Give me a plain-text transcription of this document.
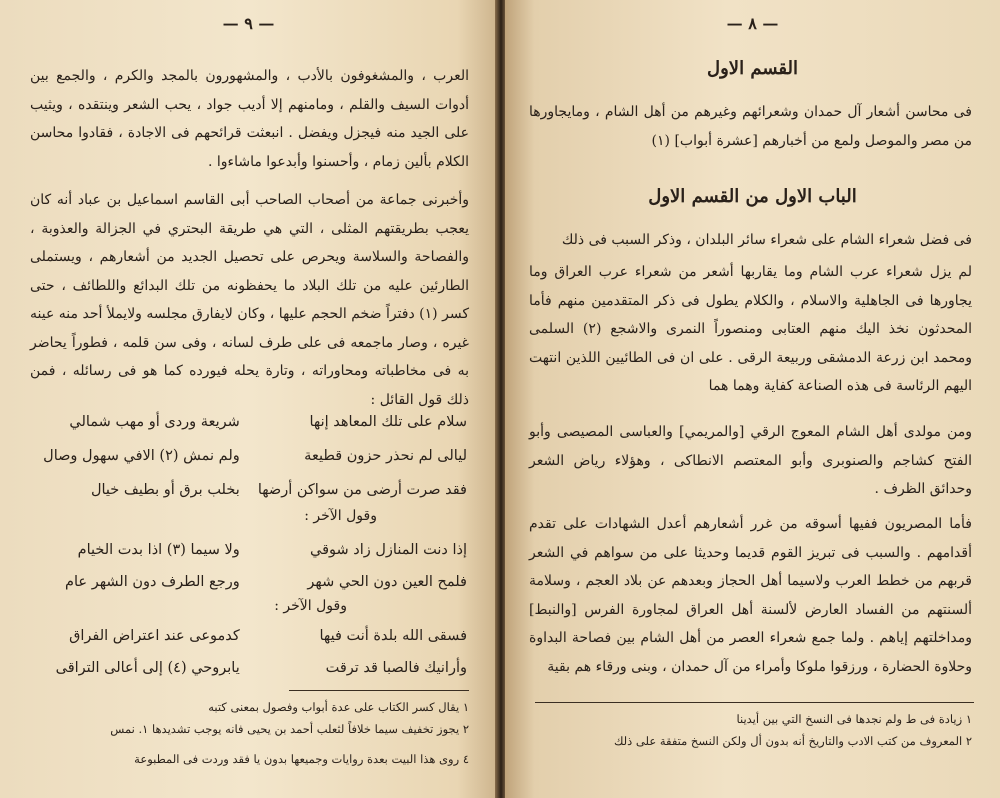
— ٩ —

العرب ، والمشغوفون بالأدب ، والمشهورون بالمجد والكرم ، والجمع بين أدوات السيف والقلم ، ومامنهم إلا أديب جواد ، يحب الشعر وينتقده ، ويثيب على الجيد منه فيجزل ويفضل . انبعثت قرائحهم فى الاجادة ، فقادوا محاسن الكلام بألين زمام ، وأحسنوا وأبدعوا ماشاءوا .

وأخبرنى جماعة من أصحاب الصاحب أبى القاسم اسماعيل بن عباد أنه كان يعجب بطريقتهم المثلى ، التي هي طريقة البحتري في الجزالة والعذوبة ، والفصاحة والسلاسة ويحرص على تحصيل الجديد من أشعارهم ، ويستملى الطارئين عليه من تلك البلاد ما يحفظونه من تلك البدائع واللطائف ، حتى كسر (١) دفتراً ضخم الحجم عليها ، وكان لايفارق مجلسه ولايملأ أحد منه عينه غيره ، وصار ماجمعه فى على طرف لسانه ، وفى سن قلمه ، فطوراً يحاضر به فى مخاطباته ومحاوراته ، وتارة يحله فيورده كما هو فى رسائله ، فمن ذلك قول القائل :

سلام على تلك المعاهد إنها
شريعة وردى أو مهب شمالي
ليالى لم نحذر حزون قطيعة
ولم نمش (٢) الافي سهول وصال
فقد صرت أرضى من سواكن أرضها
بخلب برق أو بطيف خيال
وقول الآخر :
إذا دنت المنازل زاد شوقي
ولا سيما (٣) اذا بدت الخيام
فلمح العين دون الحي شهر
ورجع الطرف دون الشهر عام
وقول الآخر :
فسقى الله بلدة أنت فيها
كدموعى عند اعتراض الفراق
وأرانيك فالصبا قد ترقت
يابروحي (٤) إلى أعالى التراقى
١ يقال كسر الكتاب على عدة أبواب وفصول بمعنى كتبه
٢ يجوز تخفيف سيما خلافاً لثعلب أحمد بن يحيى فانه يوجب تشديدها ١. نمس
٤ روى هذا البيت بعدة روايات وجميعها بدون يا فقد وردت فى المطبوعة
— ٨ —
القسم الاول

فى محاسن أشعار آل حمدان وشعرائهم وغيرهم من أهل الشام ، ومايجاورها من مصر والموصل ولمع من أخبارهم [عشرة أبواب] (١)

الباب الاول من القسم الاول

فى فضل شعراء الشام على شعراء سائر البلدان ، وذكر السبب فى ذلك

لم يزل شعراء عرب الشام وما يقاربها أشعر من شعراء عرب العراق وما يجاورها فى الجاهلية والاسلام ، والكلام يطول فى ذكر المتقدمين منهم فأما المحدثون نخذ اليك منهم العتابى ومنصوراً النمرى والاشجع (٢) السلمى ومحمد ابن زرعة الدمشقى وربيعة الرقى . على ان فى الطائيين اللذين انتهت اليهم الرئاسة فى هذه الصناعة كفاية وهما هما

ومن مولدى أهل الشام المعوج الرقي [والمريمي] والعباسى المصيصى وأبو الفتح كشاجم والصنوبرى وأبو المعتصم الانطاكى ، وهؤلاء رياض الشعر وحدائق الظرف .

فأما المصريون ففيها أسوقه من غرر أشعارهم أعدل الشهادات على تقدم أقدامهم . والسبب فى تبريز القوم قديما وحديثا على من سواهم في الشعر قربهم من خطط العرب ولاسيما أهل الحجاز وبعدهم عن بلاد العجم ، وسلامة ألسنتهم من الفساد العارض لألسنة أهل العراق لمجاورة الفرس [والنبط] ومداخلتهم إياهم . ولما جمع شعراء العصر من أهل الشام بين فصاحة البداوة وحلاوة الحضارة ، ورزقوا ملوكا وأمراء من آل حمدان ، وبنى ورقاء هم بقية

١ زيادة فى ط ولم نجدها فى النسخ التي بين أيدينا
٢ المعروف من كتب الادب والتاريخ أنه بدون أل ولكن النسخ متفقة على ذلك
